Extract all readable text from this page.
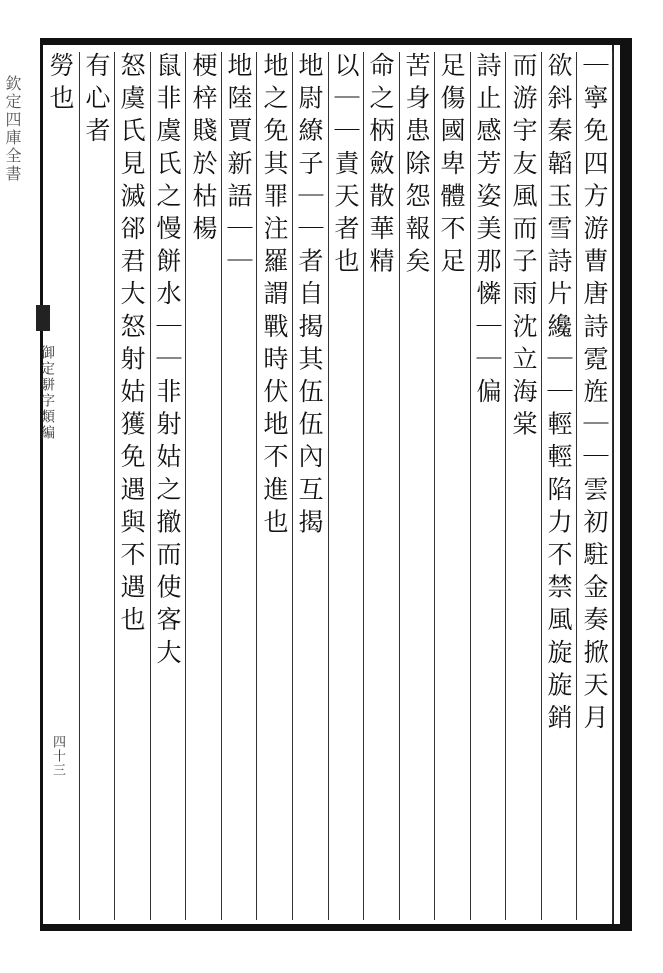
欽定四庫全書
御定駢字類編
四十三
｜寧免四方游曹唐詩霓旌｜｜雲初駐金奏掀天月
欲斜秦韜玉雪詩片纔｜｜輕輕陷力不禁風旋旋銷
而游宇友風而子雨沈立海棠
詩止感芳姿美那憐｜｜偏
足傷國卑體不足
苦身患除怨報矣
命之柄斂散華精
以｜｜責天者也
地尉繚子｜｜者自揭其伍伍內互揭
地之免其罪注羅謂戰時伏地不進也
地陸賈新語｜｜
梗梓賤於枯楊
鼠非虞氏之慢餅水｜｜非射姑之撤而使客大
怒虞氏見滅郤君大怒射姑獲免遇與不遇也
有心者
勞也
